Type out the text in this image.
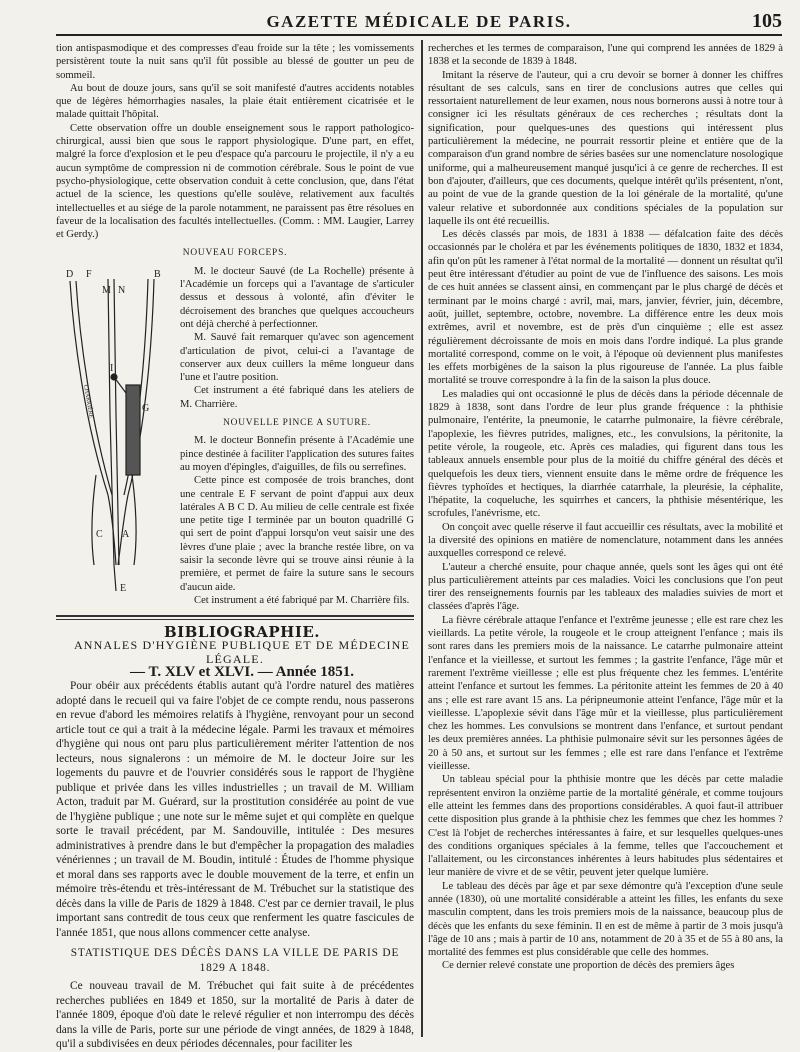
GAZETTE MÉDICALE DE PARIS.	105

tion antispasmodique et des compresses d'eau froide sur la tête ; les vomissements persistèrent toute la nuit sans qu'il fût possible au blessé de goutter un peu de sommeil.

Au bout de douze jours, sans qu'il se soit manifesté d'autres accidents notables que de légères hémorrhagies nasales, la plaie était entièrement cicatrisée et le malade quittait l'hôpital.

Cette observation offre un double enseignement sous le rapport pathologico-chirurgical, aussi bien que sous le rapport physiologique. D'une part, en effet, malgré la force d'explosion et le peu d'espace qu'a parcouru le projectile, il n'y a eu aucun symptôme de compression ni de commotion cérébrale. Sous le point de vue psycho-physiologique, cette observation conduit à cette conclusion, que, dans l'état actuel de la science, les questions qu'elle soulève, relativement aux facultés intellectuelles et au siége de la parole notamment, ne paraissent pas être résolues en faveur de la localisation des facultés intellectuelles. (Comm. : MM. Laugier, Larrey et Gerdy.)

NOUVEAU FORCEPS.

D F	B
M N
G
I
C A
E
CHARRIÈRE

M. le docteur Sauvé (de La Rochelle) présente à l'Académie un forceps qui a l'avantage de s'articuler dessus et dessous à volonté, afin d'éviter le décroisement des branches que quelques accoucheurs ont déjà cherché à perfectionner.

M. Sauvé fait remarquer qu'avec son agencement d'articulation de pivot, celui-ci a l'avantage de conserver aux deux cuillers la même longueur dans l'une et l'autre position.

Cet instrument a été fabriqué dans les ateliers de M. Charrière.

NOUVELLE PINCE A SUTURE.

M. le docteur Bonnefin présente à l'Académie une pince destinée à faciliter l'application des sutures faites au moyen d'épingles, d'aiguilles, de fils ou serrefines.

Cette pince est composée de trois branches, dont une centrale E F servant de point d'appui aux deux latérales A B C D. Au milieu de celle centrale est fixée une petite tige I terminée par un bouton quadrillé G qui sert de point d'appui lorsqu'on veut saisir une des lèvres d'une plaie ; avec la branche restée libre, on va saisir la seconde lèvre qui se trouve ainsi réunie à la première, et permet de faire la suture sans le secours d'aucun aide.

Cet instrument a été fabriqué par M. Charrière fils.

BIBLIOGRAPHIE.

ANNALES D'HYGIÈNE PUBLIQUE ET DE MÉDECINE LÉGALE.

— T. XLV et XLVI. — Année 1851.

Pour obéir aux précédents établis autant qu'à l'ordre naturel des matières adopté dans le recueil qui va faire l'objet de ce compte rendu, nous passerons en revue d'abord les mémoires relatifs à l'hygiène, renvoyant pour un second article tout ce qui a trait à la médecine légale. Parmi les travaux et mémoires d'hygiène qui nous ont paru plus particulièrement mériter l'attention de nos lecteurs, nous signalerons : un mémoire de M. le docteur Joire sur les logements du pauvre et de l'ouvrier considérés sous le rapport de l'hygiène publique et privée dans les villes industrielles ; un travail de M. William Acton, traduit par M. Guérard, sur la prostitution considérée au point de vue de l'hygiène publique ; une note sur le même sujet et qui complète en quelque sorte le travail précédent, par M. Sandouville, intitulée : Des mesures administratives à prendre dans le but d'empêcher la propagation des maladies vénériennes ; un travail de M. Boudin, intitulé : Études de l'homme physique et moral dans ses rapports avec le double mouvement de la terre, et enfin un mémoire très-étendu et très-intéressant de M. Trébuchet sur la statistique des décès dans la ville de Paris de 1829 à 1848. C'est par ce dernier travail, le plus important sans contredit de tous ceux que renferment les quatre fascicules de l'année 1851, que nous allons commencer cette analyse.

STATISTIQUE DES DÉCÈS DANS LA VILLE DE PARIS DE 1829 A 1848.

Ce nouveau travail de M. Trébuchet qui fait suite à de précédentes recherches publiées en 1849 et 1850, sur la mortalité de Paris à dater de l'année 1809, époque d'où date le relevé régulier et non interrompu des décès dans la ville de Paris, porte sur une période de vingt années, de 1829 à 1848, qu'il a subdivisées en deux périodes décennales, pour faciliter les

recherches et les termes de comparaison, l'une qui comprend les années de 1829 à 1838 et la seconde de 1839 à 1848.

Imitant la réserve de l'auteur, qui a cru devoir se borner à donner les chiffres résultant de ses calculs, sans en tirer de conclusions autres que celles qui ressortaient naturellement de leur examen, nous nous bornerons aussi à notre tour à consigner ici les résultats généraux de ces recherches ; résultats dont la signification, pour quelques-unes des questions qui intéressent plus particulièrement la médecine, ne pourrait ressortir pleine et entière que de la comparaison d'un grand nombre de séries basées sur une nomenclature nosologique uniforme, qui a malheureusement manqué jusqu'ici à ce genre de recherches. Il est bon d'ajouter, d'ailleurs, que ces documents, quelque intérêt qu'ils présentent, n'ont, au point de vue de la grande question de la loi générale de la mortalité, qu'une valeur relative et subordonnée aux conditions spéciales de la population sur laquelle ils ont été recueillis.

Les décès classés par mois, de 1831 à 1838 — défalcation faite des décès occasionnés par le choléra et par les événements politiques de 1830, 1832 et 1834, afin qu'on pût les ramener à l'état normal de la mortalité — donnent un résultat qu'il peut être intéressant d'étudier au point de vue de l'influence des saisons. Les mois de ces huit années se classent ainsi, en commençant par le plus chargé de décès et terminant par le moins chargé : avril, mai, mars, janvier, février, juin, décembre, août, juillet, septembre, octobre, novembre. La différence entre les deux mois extrêmes, avril et novembre, est de près d'un cinquième ; elle est assez régulièrement décroissante de mois en mois dans l'ordre indiqué. La plus grande mortalité correspond, comme on le voit, à l'époque où deviennent plus manifestes les effets morbigènes de la saison la plus rigoureuse de l'année. La plus faible mortalité se trouve correspondre à la fin de la saison la plus douce.

Les maladies qui ont occasionné le plus de décès dans la période décennale de 1829 à 1838, sont dans l'ordre de leur plus grande fréquence : la phthisie pulmonaire, l'entérite, la pneumonie, le catarrhe pulmonaire, la fièvre cérébrale, l'apoplexie, les fièvres putrides, malignes, etc., les convulsions, la péritonite, la petite vérole, la rougeole, etc. Après ces maladies, qui figurent dans tous les tableaux annuels ensemble pour plus de la moitié du chiffre général des décès et quelquefois les deux tiers, viennent ensuite dans le même ordre de fréquence les fièvres typhoïdes et hectiques, la diarrhée catarrhale, la pleurésie, la céphalite, l'hépatite, la coqueluche, les squirrhes et cancers, la phthisie mésentérique, les scrofules, l'anévrisme, etc.

On conçoit avec quelle réserve il faut accueillir ces résultats, avec la mobilité et la diversité des opinions en matière de nomenclature, notamment dans les années auxquelles correspond ce relevé.

L'auteur a cherché ensuite, pour chaque année, quels sont les âges qui ont été plus particulièrement atteints par ces maladies. Voici les conclusions que l'on peut tirer des renseignements fournis par les tableaux des maladies suivies de mort et classées d'après l'âge.

La fièvre cérébrale attaque l'enfance et l'extrême jeunesse ; elle est rare chez les vieillards. La petite vérole, la rougeole et le croup atteignent l'enfance ; mais ils sont rares dans les premiers mois de la naissance. Le catarrhe pulmonaire atteint l'enfance et la vieillesse, et surtout les femmes ; la gastrite l'enfance, l'âge mûr et rarement l'extrême vieillesse ; elle est plus fréquente chez les femmes. L'entérite atteint l'enfance et surtout les femmes. La péritonite atteint les femmes de 20 à 40 ans ; elle est rare avant 15 ans. La péripneumonie atteint l'enfance, l'âge mûr et la vieillesse. L'apoplexie sévit dans l'âge mûr et la vieillesse, plus particulièrement chez les hommes. Les convulsions se montrent dans l'enfance, et surtout pendant les deux premières années. La phthisie pulmonaire sévit sur les personnes âgées de 20 à 50 ans, et surtout sur les femmes ; elle est rare dans l'enfance et l'extrême vieillesse.

Un tableau spécial pour la phthisie montre que les décès par cette maladie représentent environ la onzième partie de la mortalité générale, et comme toujours elle atteint les femmes dans des proportions considérables. A quoi faut-il attribuer cette disposition plus grande à la phthisie chez les femmes que chez les hommes ? C'est là l'objet de recherches intéressantes à faire, et sur lesquelles quelques-unes des conditions organiques spéciales à la femme, telles que l'accouchement et l'allaitement, ou les circonstances inhérentes à leurs habitudes plus sédentaires et leur manière de vivre et de se vêtir, peuvent jeter quelque lumière.

Le tableau des décès par âge et par sexe démontre qu'à l'exception d'une seule année (1830), où une mortalité considérable a atteint les filles, les enfants du sexe masculin comptent, dans les trois premiers mois de la naissance, beaucoup plus de décès que les enfants du sexe féminin. Il en est de même à partir de 3 mois jusqu'à l'âge de 10 ans ; mais à partir de 10 ans, notamment de 20 à 35 et de 55 à 80 ans, la mortalité des femmes est plus considérable que celle des hommes.

Ce dernier relevé constate une proportion de décès des premiers âges
